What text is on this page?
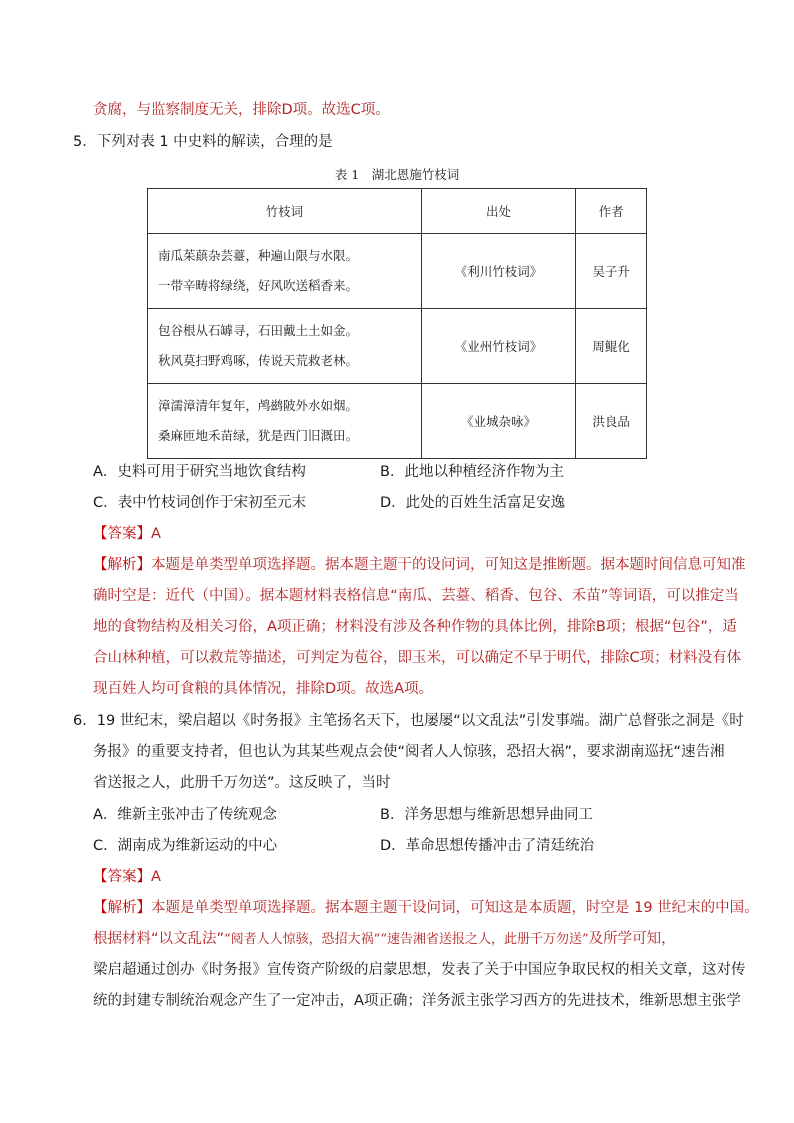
贪腐，与监察制度无关，排除D项。故选C项。
5．下列对表 1 中史料的解读，合理的是
表 1　湖北恩施竹枝词
竹枝词	出处	作者

南瓜茱蕻杂芸薹，种遍山限与水限。
一带辛畴将绿绕，好风吹送稻香来。	《利川竹枝词》	吴子升

包谷根从石罅寻，石田戴土土如金。
秋风莫扫野鸡啄，传说天荒救老林。	《业州竹枝词》	周鲲化

漳濡漳清年复年，鸬鹚陂外水如烟。
桑麻匝地禾苗绿，犹是西门旧溉田。	《业城杂咏》	洪良品
A．史料可用于研究当地饮食结构	B．此地以种植经济作物为主
C．表中竹枝词创作于宋初至元末	D．此处的百姓生活富足安逸
【答案】A
【解析】本题是单类型单项选择题。据本题主题干的设问词，可知这是推断题。据本题时间信息可知准
确时空是：近代（中国）。据本题材料表格信息“南瓜、芸薹、稻香、包谷、禾苗”等词语，可以推定当
地的食物结构及相关习俗，A项正确；材料没有涉及各种作物的具体比例，排除B项；根据“包谷”，适
合山林种植，可以救荒等描述，可判定为苞谷，即玉米，可以确定不早于明代，排除C项；材料没有体
现百姓人均可食粮的具体情况，排除D项。故选A项。
6．19 世纪末，梁启超以《时务报》主笔扬名天下，也屡屡“以文乱法”引发事端。湖广总督张之洞是《时
务报》的重要支持者，但也认为其某些观点会使“阅者人人惊骇，恐招大祸”，要求湖南巡抚“速告湘
省送报之人，此册千万勿送”。这反映了，当时
A．维新主张冲击了传统观念	B．洋务思想与维新思想异曲同工
C．湖南成为维新运动的中心	D．革命思想传播冲击了清廷统治
【答案】A
【解析】本题是单类型单项选择题。据本题主题干设问词，可知这是本质题，时空是 19 世纪末的中国。
根据材料“以文乱法”“阅者人人惊骇，恐招大祸”“速告湘省送报之人，此册千万勿送”及所学可知，
梁启超通过创办《时务报》宣传资产阶级的启蒙思想，发表了关于中国应争取民权的相关文章，这对传
统的封建专制统治观念产生了一定冲击，A项正确；洋务派主张学习西方的先进技术，维新思想主张学
